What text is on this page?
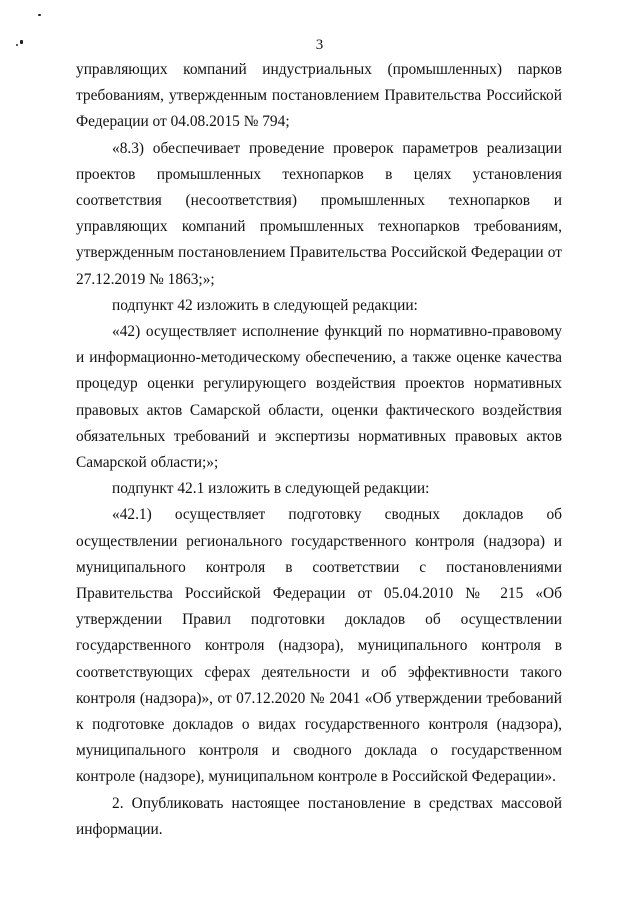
3

управляющих компаний индустриальных (промышленных) парков требованиям, утвержденным постановлением Правительства Российской Федерации от 04.08.2015 № 794;

«8.3) обеспечивает проведение проверок параметров реализации проектов промышленных технопарков в целях установления соответствия (несоответствия) промышленных технопарков и управляющих компаний промышленных технопарков требованиям, утвержденным постановлением Правительства Российской Федерации от 27.12.2019 № 1863;»;

подпункт 42 изложить в следующей редакции:

«42) осуществляет исполнение функций по нормативно-правовому и информационно-методическому обеспечению, а также оценке качества процедур оценки регулирующего воздействия проектов нормативных правовых актов Самарской области, оценки фактического воздействия обязательных требований и экспертизы нормативных правовых актов Самарской области;»;

подпункт 42.1 изложить в следующей редакции:

«42.1) осуществляет подготовку сводных докладов об осуществлении регионального государственного контроля (надзора) и муниципального контроля в соответствии с постановлениями Правительства Российской Федерации от 05.04.2010 № 215 «Об утверждении Правил подготовки докладов об осуществлении государственного контроля (надзора), муниципального контроля в соответствующих сферах деятельности и об эффективности такого контроля (надзора)», от 07.12.2020 № 2041 «Об утверждении требований к подготовке докладов о видах государственного контроля (надзора), муниципального контроля и сводного доклада о государственном контроле (надзоре), муниципальном контроле в Российской Федерации».

2. Опубликовать настоящее постановление в средствах массовой информации.
